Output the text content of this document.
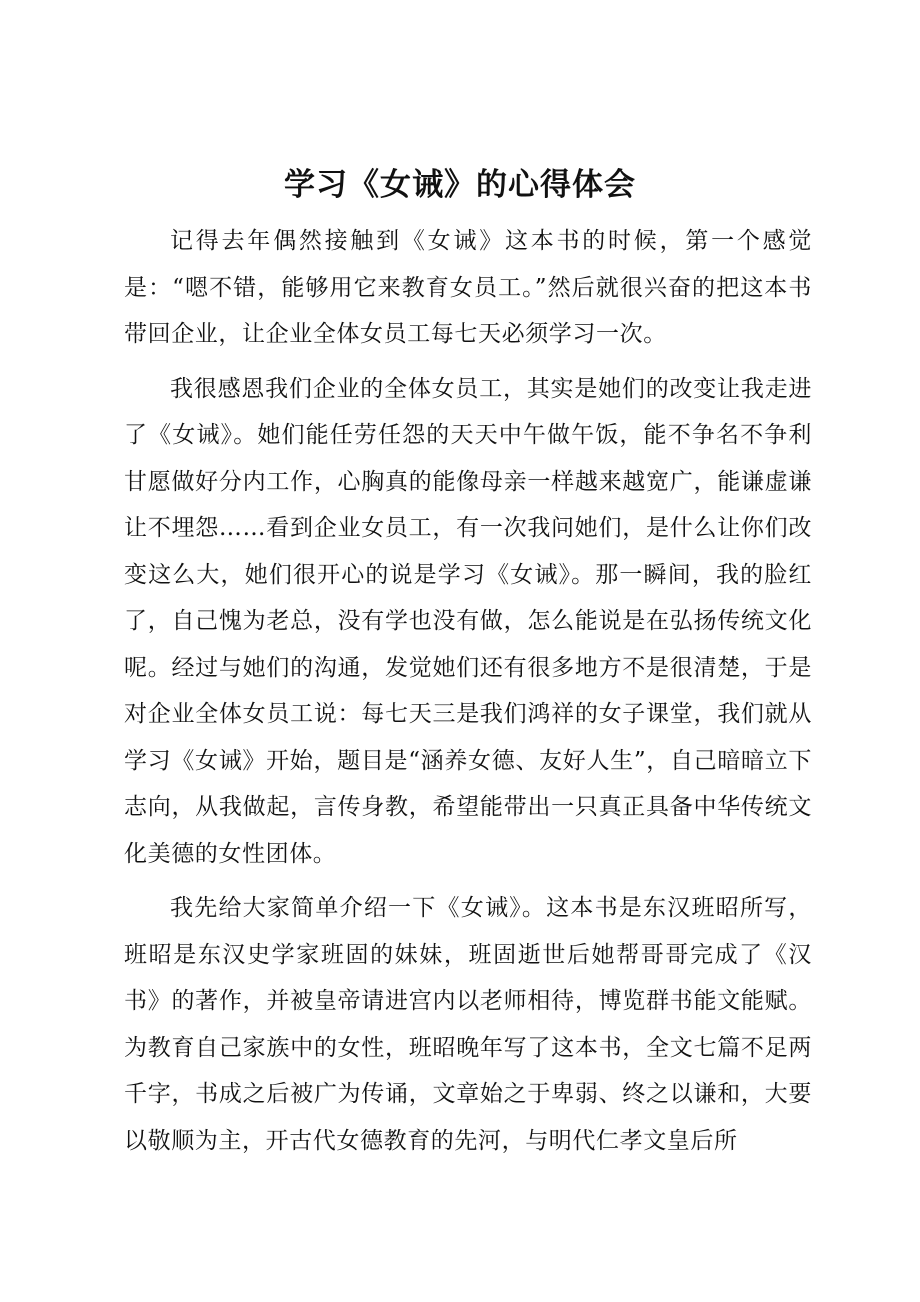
学习《女诫》的心得体会

记得去年偶然接触到《女诫》这本书的时候，第一个感觉是：“嗯不错，能够用它来教育女员工。”然后就很兴奋的把这本书带回企业，让企业全体女员工每七天必须学习一次。

我很感恩我们企业的全体女员工，其实是她们的改变让我走进了《女诫》。她们能任劳任怨的天天中午做午饭，能不争名不争利甘愿做好分内工作，心胸真的能像母亲一样越来越宽广，能谦虚谦让不埋怨……看到企业女员工，有一次我问她们，是什么让你们改变这么大，她们很开心的说是学习《女诫》。那一瞬间，我的脸红了，自己愧为老总，没有学也没有做，怎么能说是在弘扬传统文化呢。经过与她们的沟通，发觉她们还有很多地方不是很清楚，于是对企业全体女员工说：每七天三是我们鸿祥的女子课堂，我们就从学习《女诫》开始，题目是“涵养女德、友好人生”，自己暗暗立下志向，从我做起，言传身教，希望能带出一只真正具备中华传统文化美德的女性团体。

我先给大家简单介绍一下《女诫》。这本书是东汉班昭所写，班昭是东汉史学家班固的妹妹，班固逝世后她帮哥哥完成了《汉书》的著作，并被皇帝请进宫内以老师相待，博览群书能文能赋。为教育自己家族中的女性，班昭晚年写了这本书，全文七篇不足两千字，书成之后被广为传诵，文章始之于卑弱、终之以谦和，大要以敬顺为主，开古代女德教育的先河，与明代仁孝文皇后所
